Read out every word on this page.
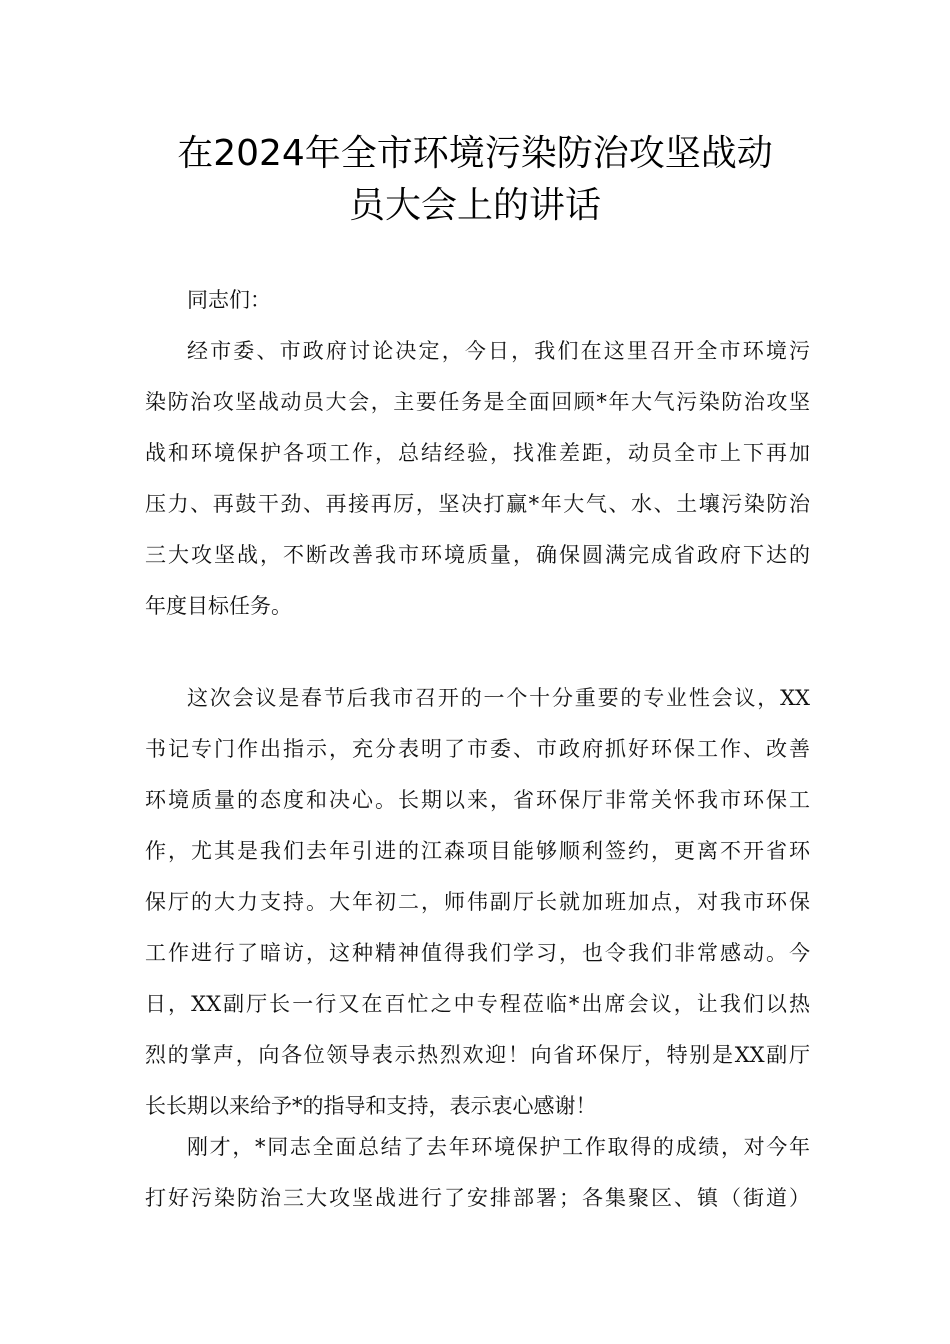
在2024年全市环境污染防治攻坚战动
员大会上的讲话
同志们：
经市委、市政府讨论决定，今日，我们在这里召开全市环境污
染防治攻坚战动员大会，主要任务是全面回顾*年大气污染防治攻坚
战和环境保护各项工作，总结经验，找准差距，动员全市上下再加
压力、再鼓干劲、再接再厉，坚决打赢*年大气、水、土壤污染防治
三大攻坚战，不断改善我市环境质量，确保圆满完成省政府下达的
年度目标任务。
这次会议是春节后我市召开的一个十分重要的专业性会议，XX
书记专门作出指示，充分表明了市委、市政府抓好环保工作、改善
环境质量的态度和决心。长期以来，省环保厅非常关怀我市环保工
作，尤其是我们去年引进的江森项目能够顺利签约，更离不开省环
保厅的大力支持。大年初二，师伟副厅长就加班加点，对我市环保
工作进行了暗访，这种精神值得我们学习，也令我们非常感动。今
日，XX副厅长一行又在百忙之中专程莅临*出席会议，让我们以热
烈的掌声，向各位领导表示热烈欢迎！向省环保厅，特别是XX副厅
长长期以来给予*的指导和支持，表示衷心感谢！
刚才，*同志全面总结了去年环境保护工作取得的成绩，对今年
打好污染防治三大攻坚战进行了安排部署；各集聚区、镇（街道）
